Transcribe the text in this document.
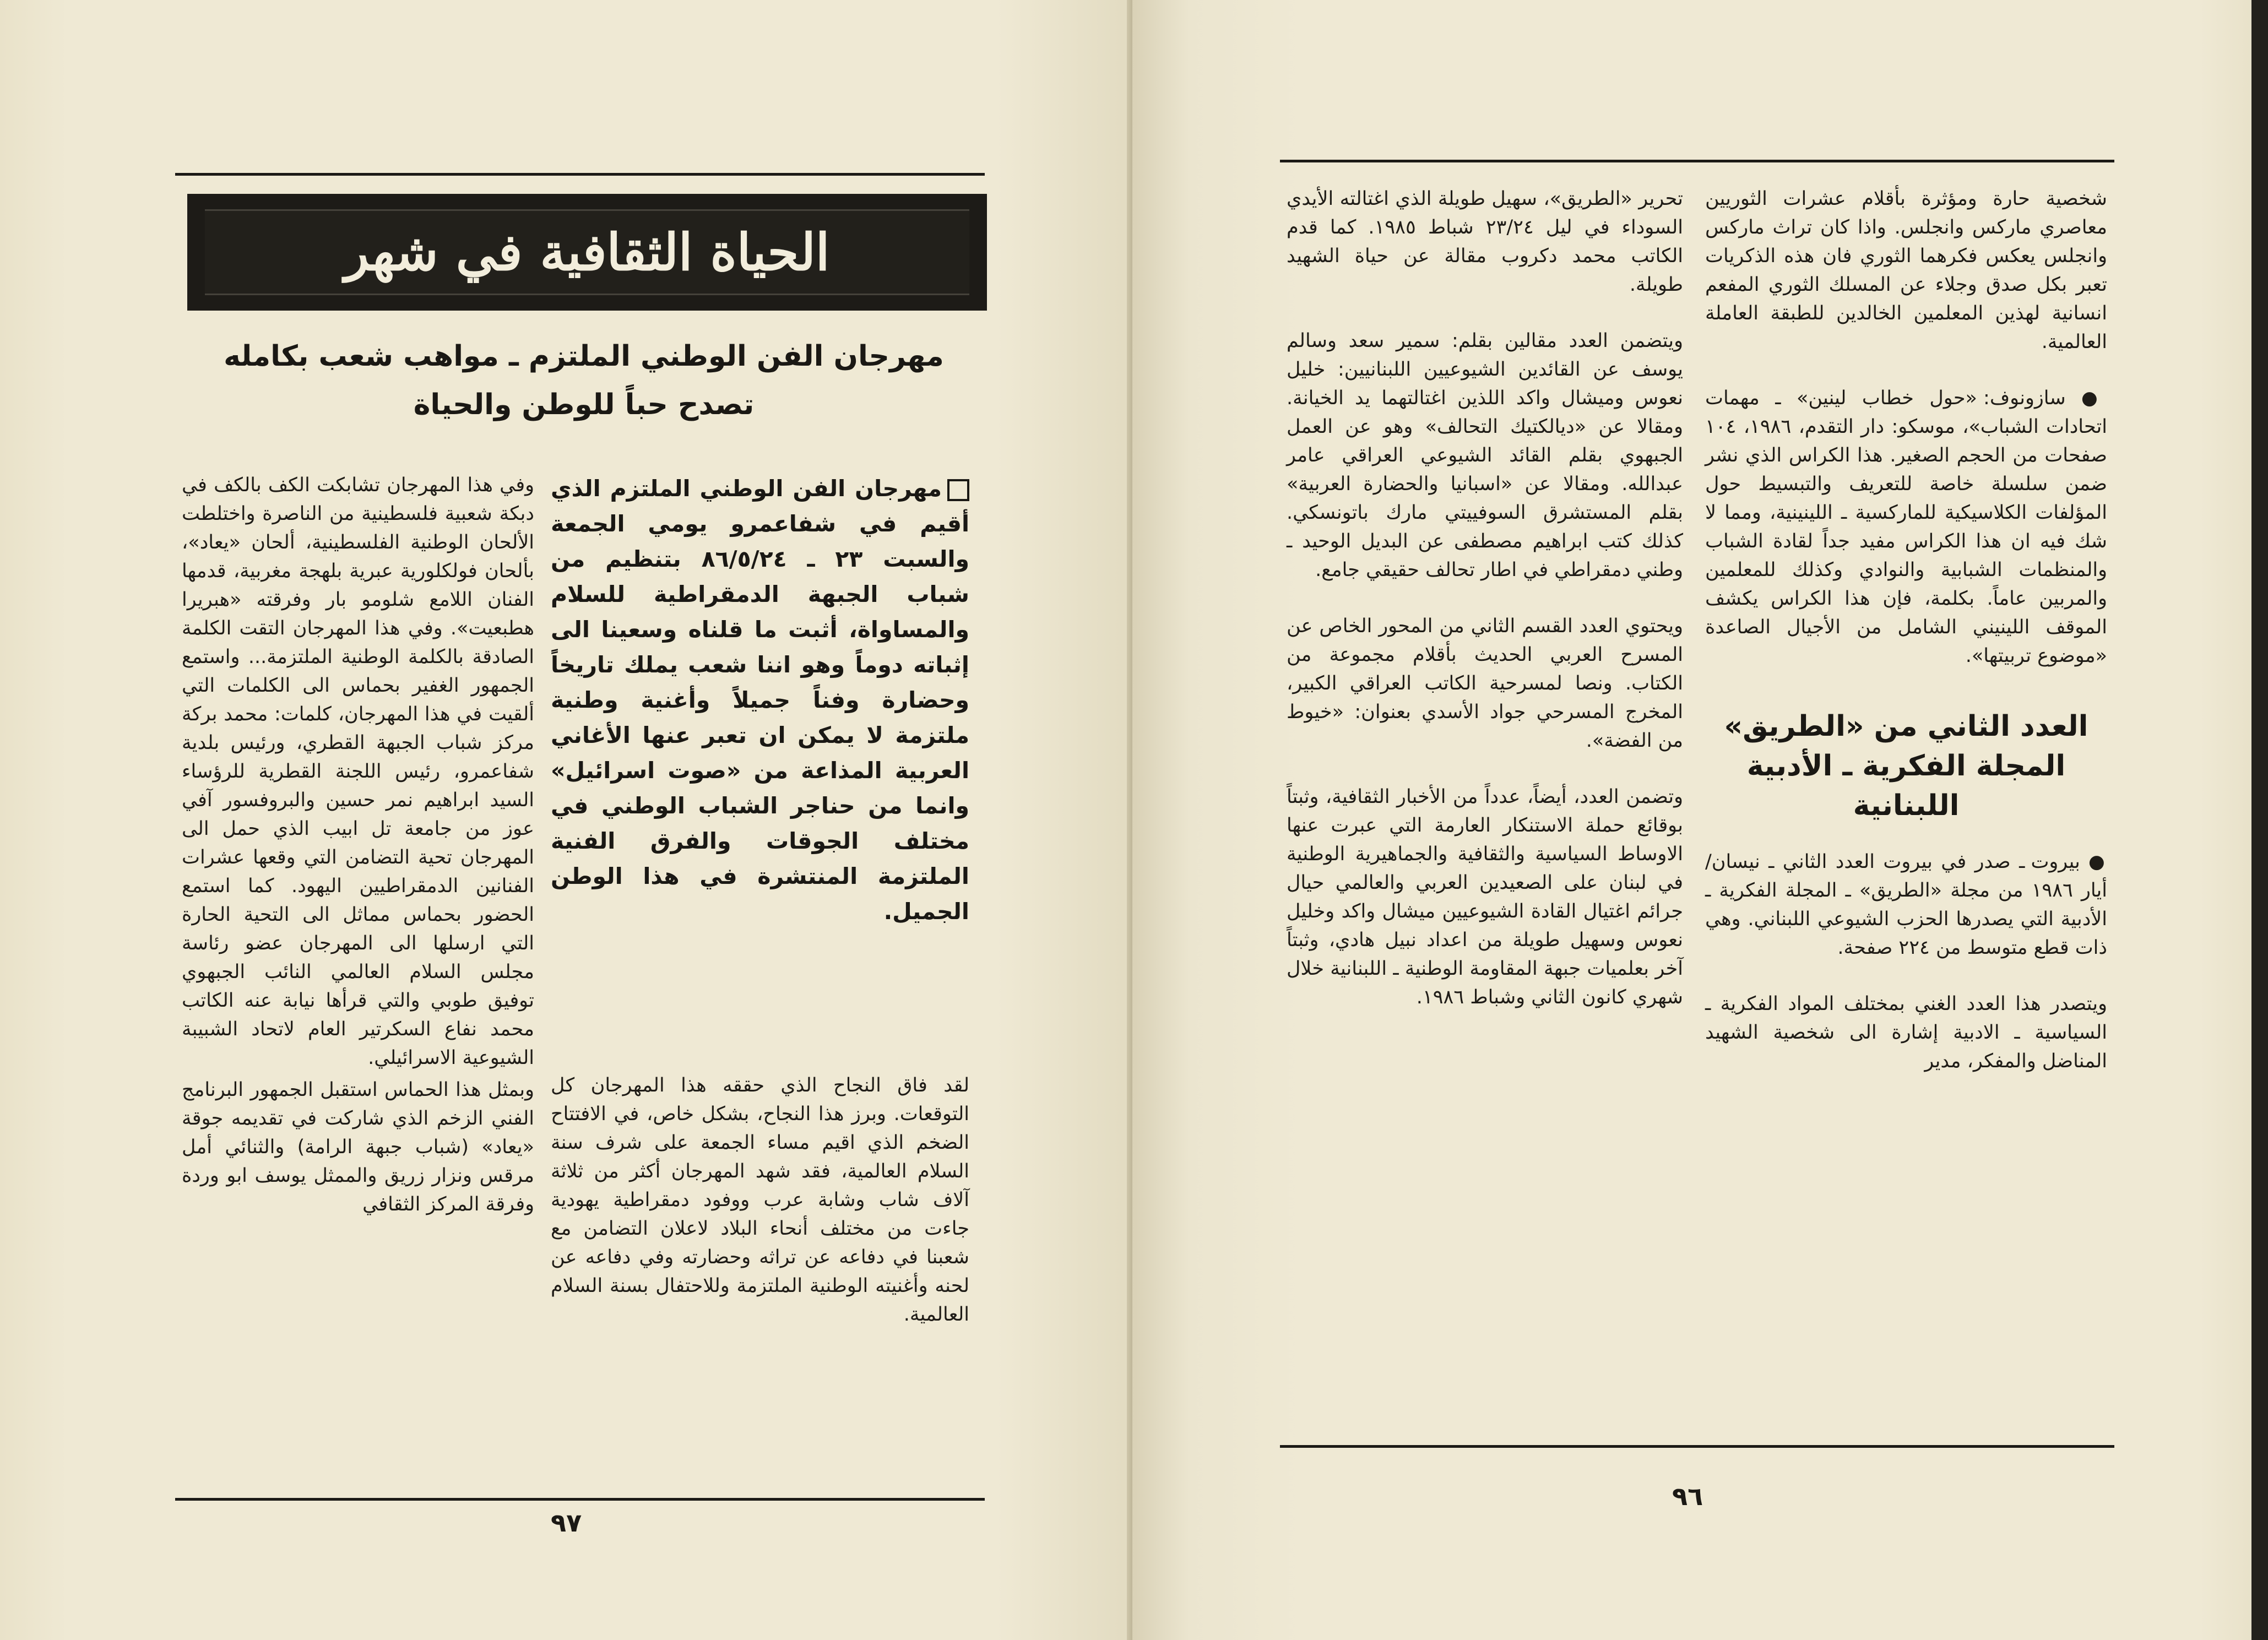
الحياة الثقافية في شهر
مهرجان الفن الوطني الملتزم ـ مواهب شعب بكامله
تصدح حباً للوطن والحياة
مهرجان الفن الوطني الملتزم الذي أقيم في شفاعمرو يومي الجمعة والسبت ٢٣ ـ ٨٦/٥/٢٤ بتنظيم من شباب الجبهة الدمقراطية للسلام والمساواة، أثبت ما قلناه وسعينا الى إثباته دوماً وهو اننا شعب يملك تاريخاً وحضارة وفناً جميلاً وأغنية وطنية ملتزمة لا يمكن ان تعبر عنها الأغاني العربية المذاعة من «صوت اسرائيل» وانما من حناجر الشباب الوطني في مختلف الجوقات والفرق الفنية الملتزمة المنتشرة في هذا الوطن الجميل.

لقد فاق النجاح الذي حققه هذا المهرجان كل التوقعات. وبرز هذا النجاح، بشكل خاص، في الافتتاح الضخم الذي اقيم مساء الجمعة على شرف سنة السلام العالمية، فقد شهد المهرجان أكثر من ثلاثة آلاف شاب وشابة عرب ووفود دمقراطية يهودية جاءت من مختلف أنحاء البلاد لاعلان التضامن مع شعبنا في دفاعه عن تراثه وحضارته وفي دفاعه عن لحنه وأغنيته الوطنية الملتزمة وللاحتفال بسنة السلام العالمية.

وفي هذا المهرجان تشابكت الكف بالكف في دبكة شعبية فلسطينية من الناصرة واختلطت الألحان الوطنية الفلسطينية، ألحان «يعاد»، بألحان فولكلورية عبرية بلهجة مغربية، قدمها الفنان اللامع شلومو بار وفرقته «هبريرا هطبعيت». وفي هذا المهرجان التقت الكلمة الصادقة بالكلمة الوطنية الملتزمة... واستمع الجمهور الغفير بحماس الى الكلمات التي ألقيت في هذا المهرجان، كلمات: محمد بركة مركز شباب الجبهة القطري، ورئيس بلدية شفاعمرو، رئيس اللجنة القطرية للرؤساء السيد ابراهيم نمر حسين والبروفسور آفي عوز من جامعة تل ابيب الذي حمل الى المهرجان تحية التضامن التي وقعها عشرات الفنانين الدمقراطيين اليهود. كما استمع الحضور بحماس مماثل الى التحية الحارة التي ارسلها الى المهرجان عضو رئاسة مجلس السلام العالمي النائب الجبهوي توفيق طوبي والتي قرأها نيابة عنه الكاتب محمد نفاع السكرتير العام لاتحاد الشبيبة الشيوعية الاسرائيلي.

وبمثل هذا الحماس استقبل الجمهور البرنامج الفني الزخم الذي شاركت في تقديمه جوقة «يعاد» (شباب جبهة الرامة) والثنائي أمل مرقس ونزار زريق والممثل يوسف ابو وردة وفرقة المركز الثقافي

٩٧

شخصية حارة ومؤثرة بأقلام عشرات الثوريين معاصري ماركس وانجلس. واذا كان تراث ماركس وانجلس يعكس فكرهما الثوري فان هذه الذكريات تعبر بكل صدق وجلاء عن المسلك الثوري المفعم انسانية لهذين المعلمين الخالدين للطبقة العاملة العالمية.

● سازونوف: «حول خطاب لينين» ـ مهمات اتحادات الشباب»، موسكو: دار التقدم، ١٩٨٦، ١٠٤ صفحات من الحجم الصغير. هذا الكراس الذي نشر ضمن سلسلة خاصة للتعريف والتبسيط حول المؤلفات الكلاسيكية للماركسية ـ اللينينية، ومما لا شك فيه ان هذا الكراس مفيد جداً لقادة الشباب والمنظمات الشبابية والنوادي وكذلك للمعلمين والمربين عاماً. بكلمة، فإن هذا الكراس يكشف الموقف اللينيني الشامل من الأجيال الصاعدة «موضوع تربيتها».

العدد الثاني من «الطريق» المجلة الفكرية ـ الأدبية اللبنانية

● بيروت ـ صدر في بيروت العدد الثاني ـ نيسان/ أيار ١٩٨٦ من مجلة «الطريق» ـ المجلة الفكرية ـ الأدبية التي يصدرها الحزب الشيوعي اللبناني. وهي ذات قطع متوسط من ٢٢٤ صفحة.

ويتصدر هذا العدد الغني بمختلف المواد الفكرية ـ السياسية ـ الادبية إشارة الى شخصية الشهيد المناضل والمفكر، مدير

تحرير «الطريق»، سهيل طويلة الذي اغتالته الأيدي السوداء في ليل ٢٣/٢٤ شباط ١٩٨٥. كما قدم الكاتب محمد دكروب مقالة عن حياة الشهيد طويلة.

ويتضمن العدد مقالين بقلم: سمير سعد وسالم يوسف عن القائدين الشيوعيين اللبنانيين: خليل نعوس وميشال واكد اللذين اغتالتهما يد الخيانة. ومقالا عن «ديالكتيك التحالف» وهو عن العمل الجبهوي بقلم القائد الشيوعي العراقي عامر عبدالله. ومقالا عن «اسبانيا والحضارة العربية» بقلم المستشرق السوفييتي مارك باتونسكي. كذلك كتب ابراهيم مصطفى عن البديل الوحيد ـ وطني دمقراطي في اطار تحالف حقيقي جامع.

ويحتوي العدد القسم الثاني من المحور الخاص عن المسرح العربي الحديث بأقلام مجموعة من الكتاب. ونصا لمسرحية الكاتب العراقي الكبير، المخرج المسرحي جواد الأسدي بعنوان: «خيوط من الفضة».

وتضمن العدد، أيضاً، عدداً من الأخبار الثقافية، وثبتاً بوقائع حملة الاستنكار العارمة التي عبرت عنها الاوساط السياسية والثقافية والجماهيرية الوطنية في لبنان على الصعيدين العربي والعالمي حيال جرائم اغتيال القادة الشيوعيين ميشال واكد وخليل نعوس وسهيل طويلة من اعداد نبيل هادي، وثبتاً آخر بعلميات جبهة المقاومة الوطنية ـ اللبنانية خلال شهري كانون الثاني وشباط ١٩٨٦.

٩٦
